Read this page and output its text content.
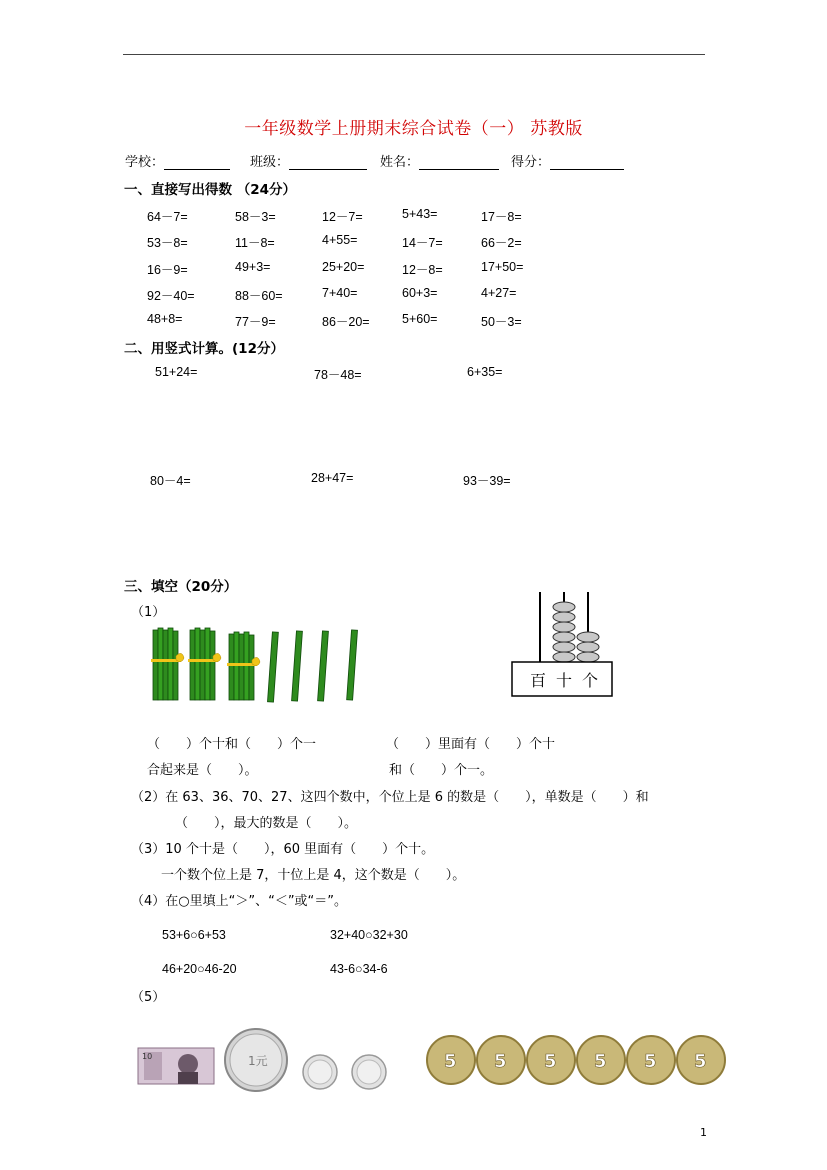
一年级数学上册期末综合试卷（一） 苏教版
学校：	班级：	姓名：	得分：
一、直接写出得数 （24分）
64－7=	58－3=	12－7=	5+43=	17－8=
53－8=	11－8=	4+55=	14－7=	66－2=
16－9=	49+3=	25+20=	12－8=	17+50=
92－40=	88－60=	7+40=	60+3=	4+27=
48+8=	77－9=	86－20=	5+60=	50－3=
二、用竖式计算。(12分）
51+24=	78－48=	6+35=
80－4=	28+47=	93－39=
三、填空（20分）
（1）
百 十 个
（　　）个十和（　　）个一	（　　）里面有（　　）个十
合起来是（　　）。	和（　　）个一。
（2）在 63、36、70、27、这四个数中，个位上是 6 的数是（　　），单数是（　　）和
（　　），最大的数是（　　）。
（3）10 个十是（　　），60 里面有（　　）个十。
一个数个位上是 7，十位上是 4，这个数是（　　）。
（4）在○里填上“＞”、“＜”或“＝”。
53+6○6+53	32+40○32+30
46+20○46-20	43-6○34-6
（5）
10	1元	5 5 5 5 5 5
1
